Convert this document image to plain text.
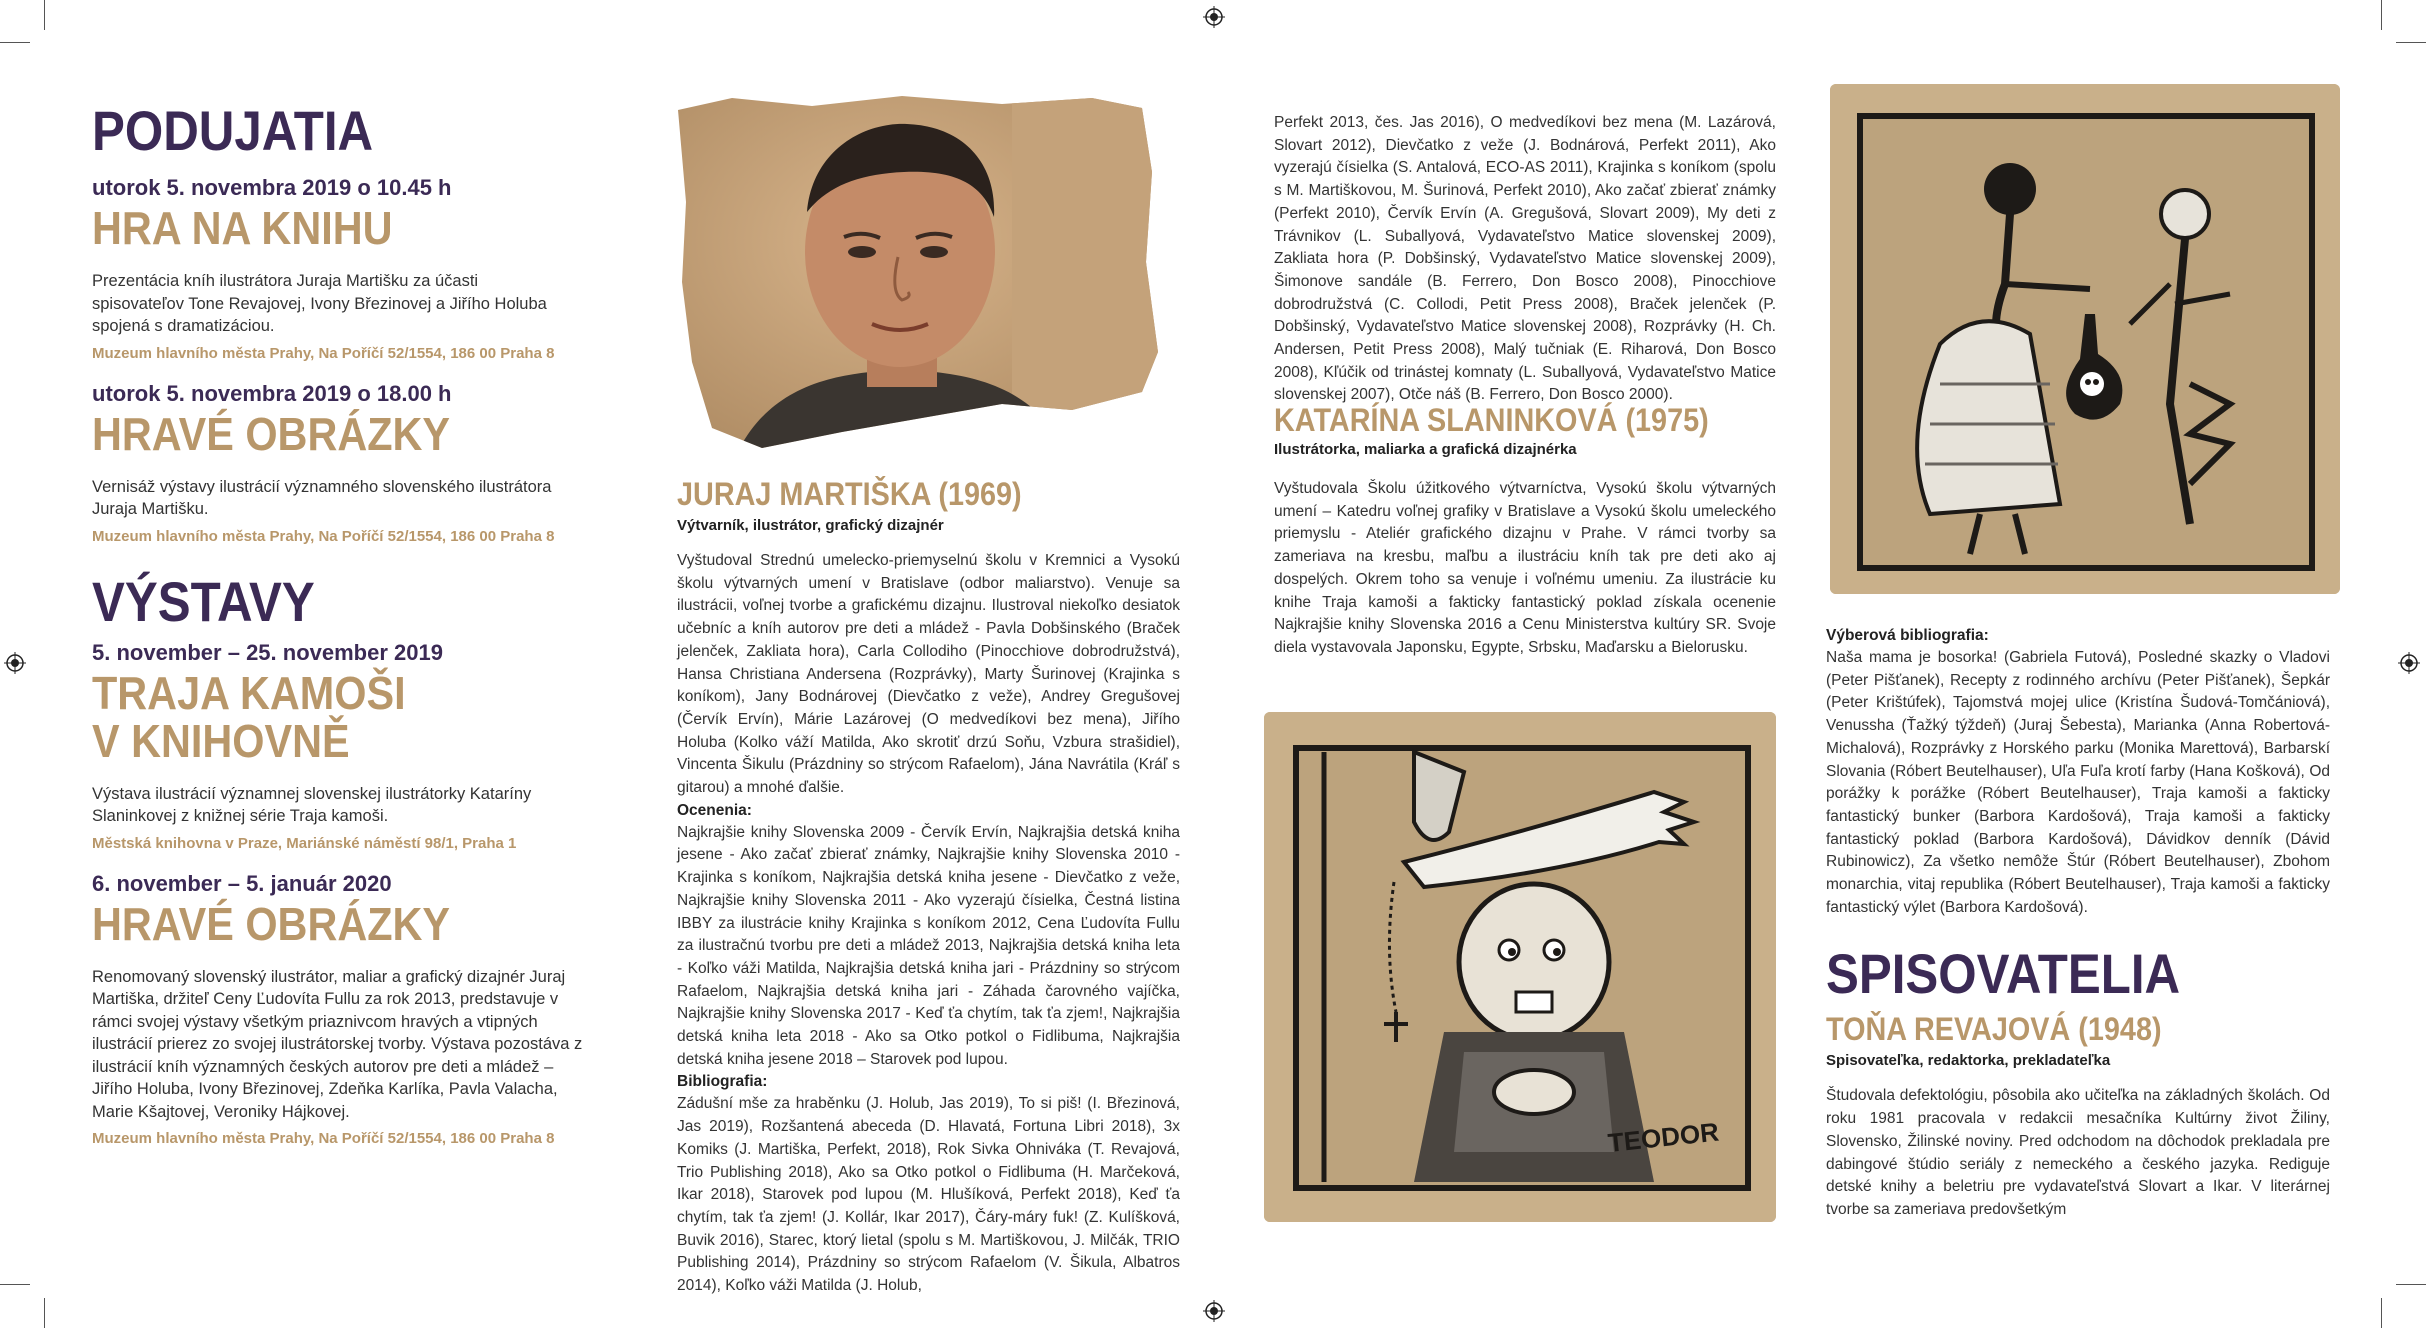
PODUJATIA

utorok 5. novembra 2019 o 10.45 h

HRA NA KNIHU

Prezentácia kníh ilustrátora Juraja Martišku za účasti spisovateľov Tone Revajovej, Ivony Březinovej a Jiřího Holuba spojená s dramatizáciou.

Muzeum hlavního města Prahy, Na Poříčí 52/1554, 186 00 Praha 8

utorok 5. novembra 2019 o 18.00 h

HRAVÉ OBRÁZKY

Vernisáž výstavy ilustrácií významného slovenského ilustrátora Juraja Martišku.

Muzeum hlavního města Prahy, Na Poříčí 52/1554, 186 00 Praha 8

VÝSTAVY

5. november – 25. november 2019

TRAJA KAMOŠI
V KNIHOVNĚ

Výstava ilustrácií významnej slovenskej ilustrátorky Kataríny Slaninkovej z knižnej série Traja kamoši.

Městská knihovna v Praze, Mariánské náměstí 98/1, Praha 1

6. november – 5. január 2020

HRAVÉ OBRÁZKY

Renomovaný slovenský ilustrátor, maliar a grafický dizajnér Juraj Martiška, držiteľ Ceny Ľudovíta Fullu za rok 2013, predstavuje v rámci svojej výstavy všetkým priaznivcom hravých a vtipných ilustrácií prierez zo svojej ilustrátorskej tvorby. Výstava pozostáva z ilustrácií kníh významných českých autorov pre deti a mládež – Jiřího Holuba, Ivony Březinovej, Zdeňka Karlíka, Pavla Valacha, Marie Kšajtovej, Veroniky Hájkovej.

Muzeum hlavního města Prahy, Na Poříčí 52/1554, 186 00 Praha 8

JURAJ MARTIŠKA (1969)

Výtvarník, ilustrátor, grafický dizajnér

Vyštudoval Strednú umelecko-priemyselnú školu v Kremnici a Vysokú školu výtvarných umení v Bratislave (odbor maliarstvo). Venuje sa ilustrácii, voľnej tvorbe a grafickému dizajnu. Ilustroval niekoľko desiatok učebníc a kníh autorov pre deti a mládež - Pavla Dobšinského (Braček jelenček, Zakliata hora), Carla Collodiho (Pinocchiove dobrodružstvá), Hansa Christiana Andersena (Rozprávky), Marty Šurinovej (Krajinka s koníkom), Jany Bodnárovej (Dievčatko z veže), Andrey Gregušovej (Červík Ervín), Márie Lazárovej (O medvedíkovi bez mena), Jiřího Holuba (Kolko váží Matilda, Ako skrotiť drzú Soňu, Vzbura strašidiel), Vincenta Šikulu (Prázdniny so strýcom Rafaelom), Jána Navrátila (Kráľ s gitarou) a mnohé ďalšie.

Ocenenia:

Najkrajšie knihy Slovenska 2009 - Červík Ervín, Najkrajšia detská kniha jesene - Ako začať zbierať známky, Najkrajšie knihy Slovenska 2010 - Krajinka s koníkom, Najkrajšia detská kniha jesene - Dievčatko z veže, Najkrajšie knihy Slovenska 2011 - Ako vyzerajú čísielka, Čestná listina IBBY za ilustrácie knihy Krajinka s koníkom 2012, Cena Ľudovíta Fullu za ilustračnú tvorbu pre deti a mládež 2013, Najkrajšia detská kniha leta - Koľko váži Matilda, Najkrajšia detská kniha jari - Prázdniny so strýcom Rafaelom, Najkrajšia detská kniha jari - Záhada čarovného vajíčka, Najkrajšie knihy Slovenska 2017 - Keď ťa chytím, tak ťa zjem!, Najkrajšia detská kniha leta 2018 - Ako sa Otko potkol o Fidlibuma, Najkrajšia detská kniha jesene 2018 – Starovek pod lupou.

Bibliografia:

Zádušní mše za hraběnku (J. Holub, Jas 2019), To si piš! (I. Březinová, Jas 2019), Rozšantená abeceda (D. Hlavatá, Fortuna Libri 2018), 3x Komiks (J. Martiška, Perfekt, 2018), Rok Sivka Ohniváka (T. Revajová, Trio Publishing 2018), Ako sa Otko potkol o Fidlibuma (H. Marčeková, Ikar 2018), Starovek pod lupou (M. Hlušíková, Perfekt 2018), Keď ťa chytím, tak ťa zjem! (J. Kollár, Ikar 2017), Čáry-máry fuk! (Z. Kulíšková, Buvik 2016), Starec, ktorý lietal (spolu s M. Martiškovou, J. Milčák, TRIO Publishing 2014), Prázdniny so strýcom Rafaelom (V. Šikula, Albatros 2014), Koľko váži Matilda (J. Holub,

Perfekt 2013, čes. Jas 2016), O medvedíkovi bez mena (M. Lazárová, Slovart 2012), Dievčatko z veže (J. Bodnárová, Perfekt 2011), Ako vyzerajú čísielka (S. Antalová, ECO-AS 2011), Krajinka s koníkom (spolu s M. Martiškovou, M. Šurinová, Perfekt 2010), Ako začať zbierať známky (Perfekt 2010), Červík Ervín (A. Gregušová, Slovart 2009), My deti z Trávnikov (L. Suballyová, Vydavateľstvo Matice slovenskej 2009), Zakliata hora (P. Dobšinský, Vydavateľstvo Matice slovenskej 2009), Šimonove sandále (B. Ferrero, Don Bosco 2008), Pinocchiove dobrodružstvá (C. Collodi, Petit Press 2008), Braček jelenček (P. Dobšinský, Vydavateľstvo Matice slovenskej 2008), Rozprávky (H. Ch. Andersen, Petit Press 2008), Malý tučniak (E. Riharová, Don Bosco 2008), Kľúčik od trinástej komnaty (L. Suballyová, Vydavateľstvo Matice slovenskej 2007), Otče náš (B. Ferrero, Don Bosco 2000).

KATARÍNA SLANINKOVÁ (1975)

Ilustrátorka, maliarka a grafická dizajnérka

Vyštudovala Školu úžitkového výtvarníctva, Vysokú školu výtvarných umení – Katedru voľnej grafiky v Bratislave a Vysokú školu umeleckého priemyslu - Ateliér grafického dizajnu v Prahe. V rámci tvorby sa zameriava na kresbu, maľbu a ilustráciu kníh tak pre deti ako aj dospelých. Okrem toho sa venuje i voľnému umeniu. Za ilustrácie ku knihe Traja kamoši a fakticky fantastický poklad získala ocenenie Najkrajšie knihy Slovenska 2016 a Cenu Ministerstva kultúry SR. Svoje diela vystavovala Japonsku, Egypte, Srbsku, Maďarsku a Bielorusku.

TEODOR
Výberová bibliografia:

Naša mama je bosorka! (Gabriela Futová), Posledné skazky o Vladovi (Peter Pišťanek), Recepty z rodinného archívu (Peter Pišťanek), Šepkár (Peter Krištúfek), Tajomstvá mojej ulice (Kristína Šudová-Tomčániová), Venussha (Ťažký týždeň) (Juraj Šebesta), Marianka (Anna Robertová-Michalová), Rozprávky z Horského parku (Monika Marettová), Barbarskí Slovania (Róbert Beutelhauser), Uľa Fuľa krotí farby (Hana Košková), Od porážky k porážke (Róbert Beutelhauser), Traja kamoši a fakticky fantastický bunker (Barbora Kardošová), Traja kamoši a fakticky fantastický poklad (Barbora Kardošová), Dávidkov denník (Dávid Rubinowicz), Za všetko nemôže Štúr (Róbert Beutelhauser), Zbohom monarchia, vitaj republika (Róbert Beutelhauser), Traja kamoši a fakticky fantastický výlet (Barbora Kardošová).

SPISOVATELIA
TOŇA REVAJOVÁ (1948)

Spisovateľka, redaktorka, prekladateľka

Študovala defektológiu, pôsobila ako učiteľka na základných školách. Od roku 1981 pracovala v redakcii mesačníka Kultúrny život Žiliny, Slovensko, Žilinské noviny. Pred odchodom na dôchodok prekladala pre dabingové štúdio seriály z nemeckého a českého jazyka. Rediguje detské knihy a beletriu pre vydavateľstvá Slovart a Ikar. V literárnej tvorbe sa zameriava predovšetkým
